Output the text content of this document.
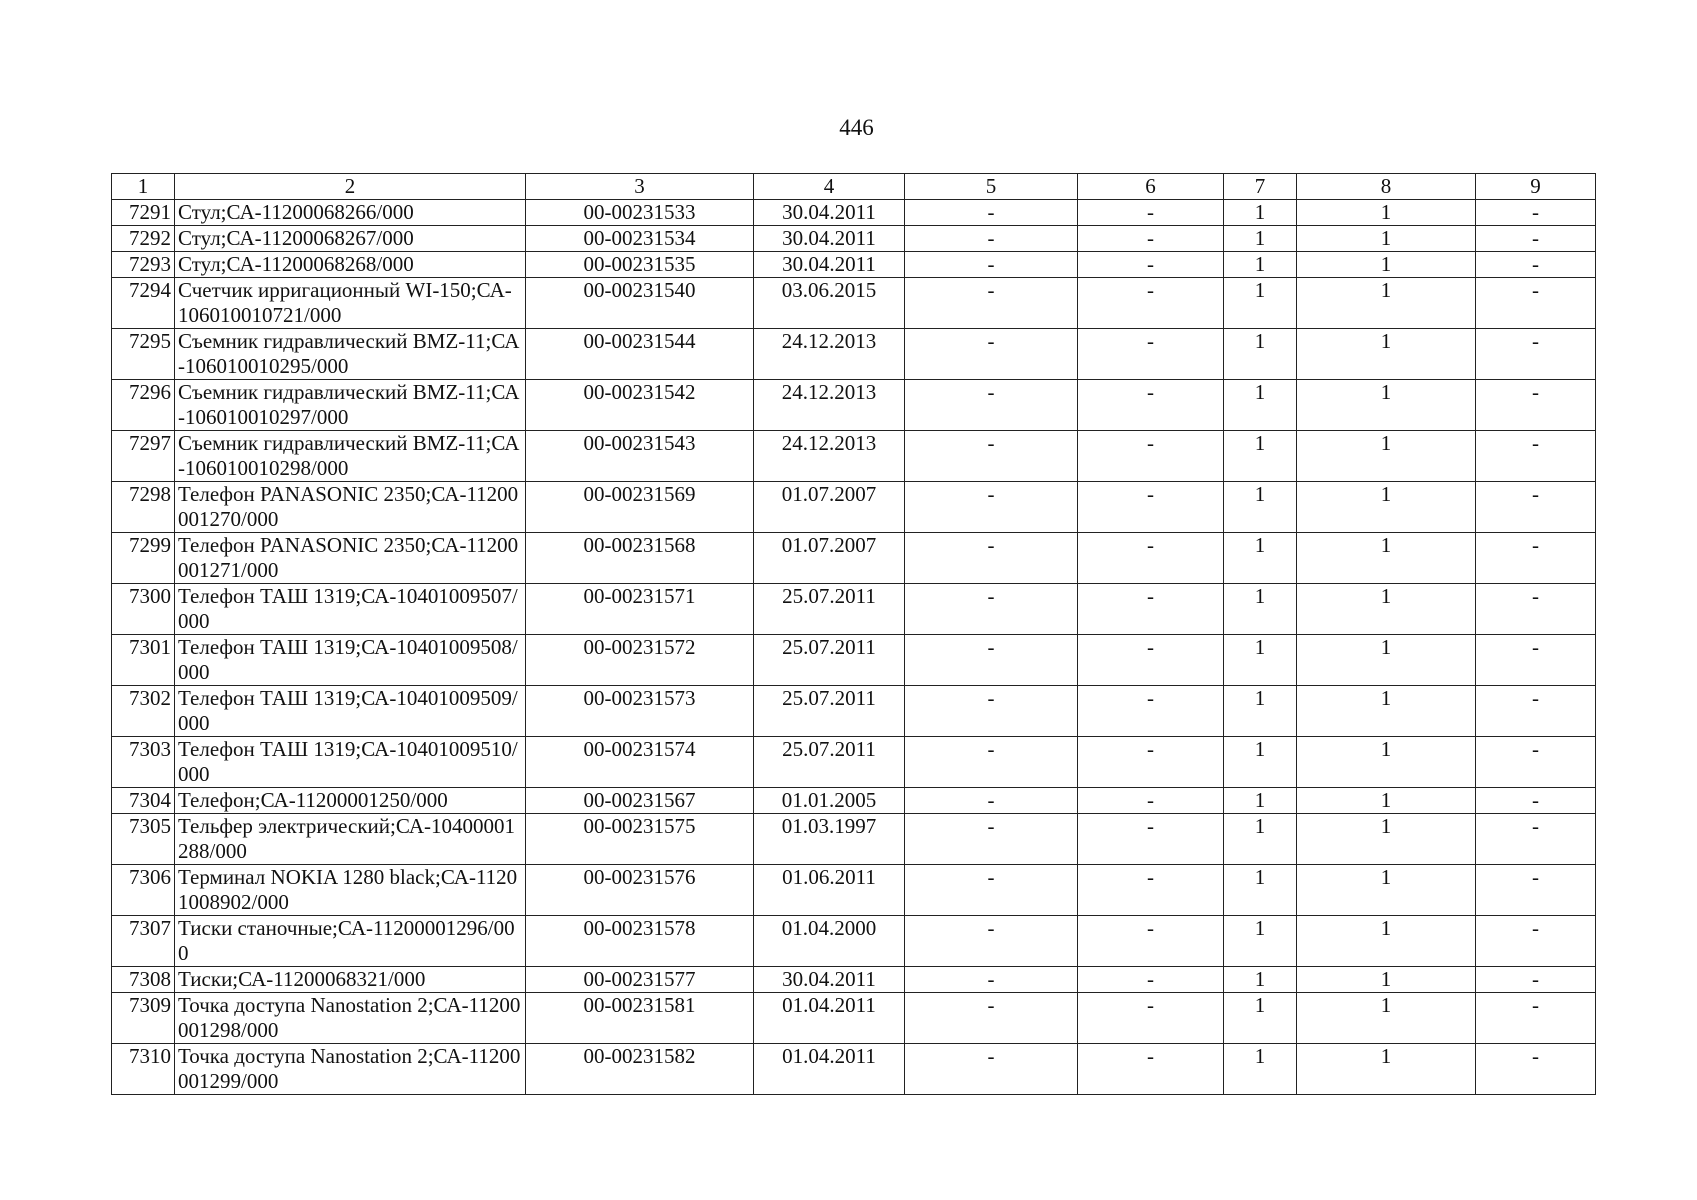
446
1	2	3	4	5	6	7	8	9
7291	Стул;СА-11200068266/000	00-00231533	30.04.2011	-	-	1	1	-
7292	Стул;СА-11200068267/000	00-00231534	30.04.2011	-	-	1	1	-
7293	Стул;СА-11200068268/000	00-00231535	30.04.2011	-	-	1	1	-
7294	Счетчик ирригационный WI-150;СА-106010010721/000	00-00231540	03.06.2015	-	-	1	1	-
7295	Съемник гидравлический BMZ-11;СА-106010010295/000	00-00231544	24.12.2013	-	-	1	1	-
7296	Съемник гидравлический BMZ-11;СА-106010010297/000	00-00231542	24.12.2013	-	-	1	1	-
7297	Съемник гидравлический BMZ-11;СА-106010010298/000	00-00231543	24.12.2013	-	-	1	1	-
7298	Телефон PANASONIC 2350;СА-11200001270/000	00-00231569	01.07.2007	-	-	1	1	-
7299	Телефон PANASONIC 2350;СА-11200001271/000	00-00231568	01.07.2007	-	-	1	1	-
7300	Телефон ТАШ 1319;СА-10401009507/000	00-00231571	25.07.2011	-	-	1	1	-
7301	Телефон ТАШ 1319;СА-10401009508/000	00-00231572	25.07.2011	-	-	1	1	-
7302	Телефон ТАШ 1319;СА-10401009509/000	00-00231573	25.07.2011	-	-	1	1	-
7303	Телефон ТАШ 1319;СА-10401009510/000	00-00231574	25.07.2011	-	-	1	1	-
7304	Телефон;СА-11200001250/000	00-00231567	01.01.2005	-	-	1	1	-
7305	Тельфер электрический;СА-10400001288/000	00-00231575	01.03.1997	-	-	1	1	-
7306	Терминал NOKIA 1280 black;СА-11201008902/000	00-00231576	01.06.2011	-	-	1	1	-
7307	Тиски станочные;СА-11200001296/000	00-00231578	01.04.2000	-	-	1	1	-
7308	Тиски;СА-11200068321/000	00-00231577	30.04.2011	-	-	1	1	-
7309	Точка доступа Nanostation 2;СА-11200001298/000	00-00231581	01.04.2011	-	-	1	1	-
7310	Точка доступа Nanostation 2;СА-11200001299/000	00-00231582	01.04.2011	-	-	1	1	-
